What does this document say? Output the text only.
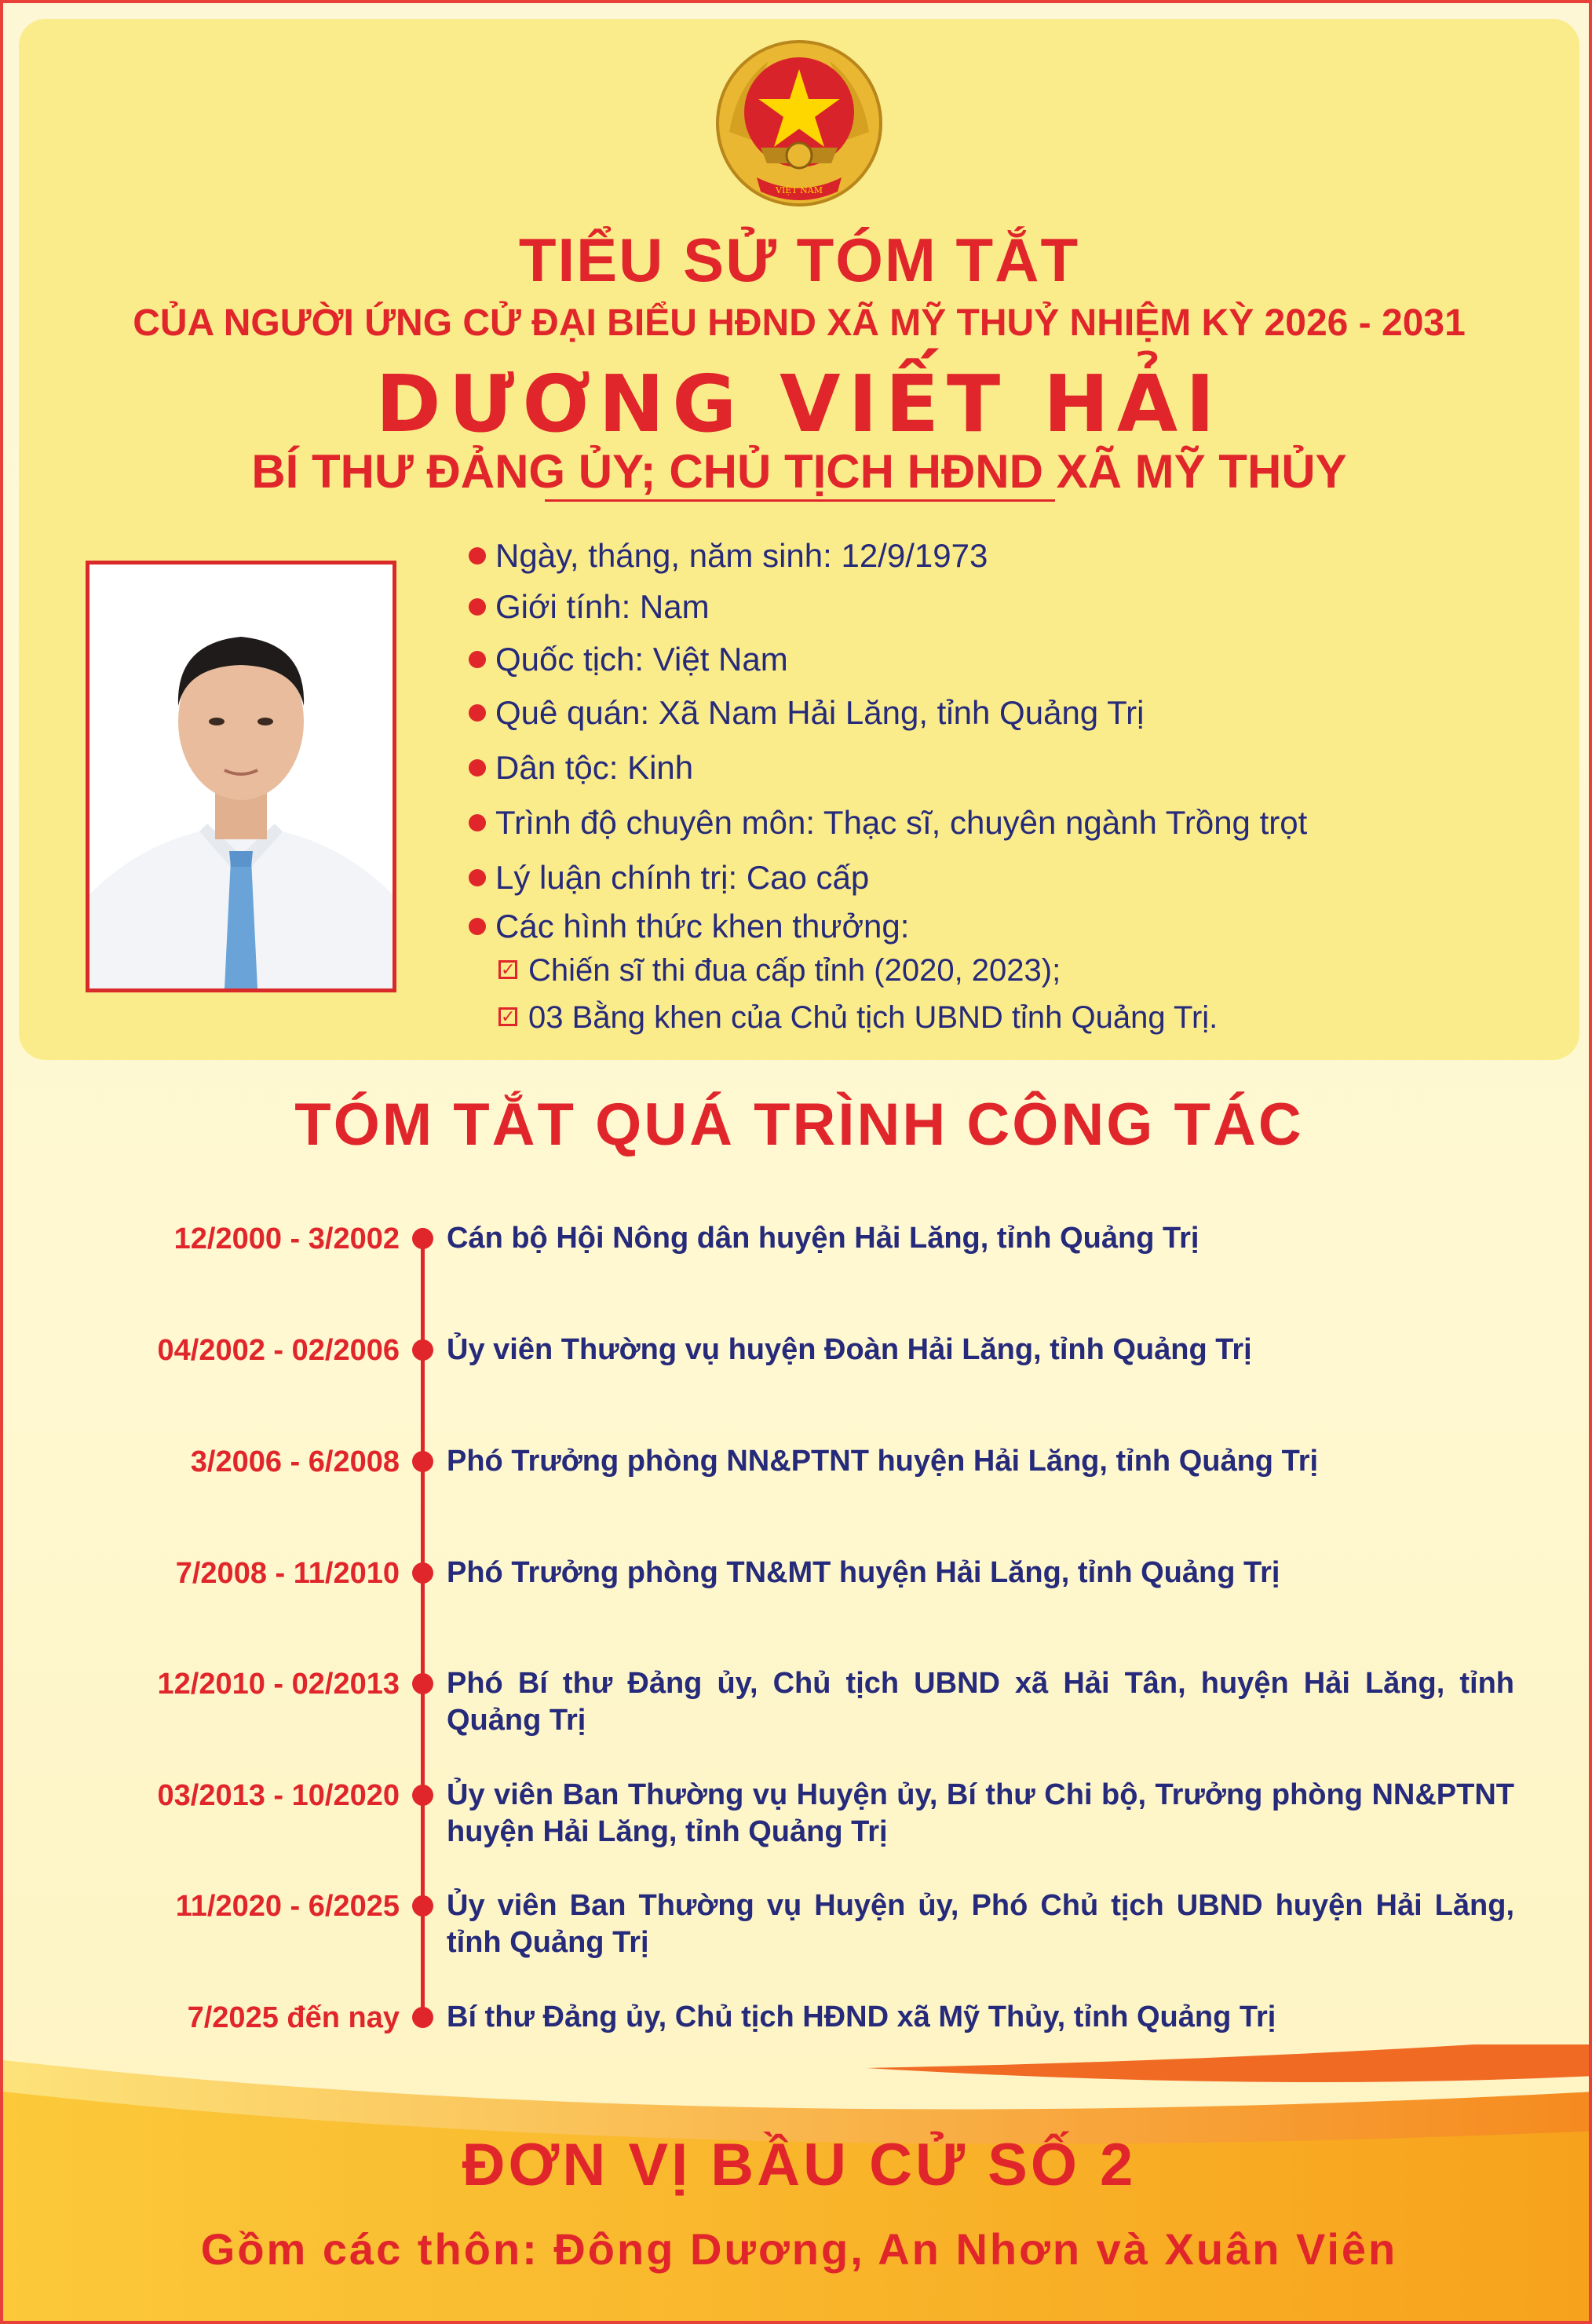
VIỆT NAM
TIỂU SỬ TÓM TẮT
CỦA NGƯỜI ỨNG CỬ ĐẠI BIỂU HĐND XÃ MỸ THUỶ NHIỆM KỲ 2026 - 2031
DƯƠNG VIẾT HẢI
BÍ THƯ ĐẢNG ỦY; CHỦ TỊCH HĐND XÃ MỸ THỦY
Ngày, tháng, năm sinh: 12/9/1973
Giới tính: Nam
Quốc tịch: Việt Nam
Quê quán: Xã Nam Hải Lăng, tỉnh Quảng Trị
Dân tộc: Kinh
Trình độ chuyên môn: Thạc sĩ, chuyên ngành Trồng trọt
Lý luận chính trị: Cao cấp
Các hình thức khen thưởng:
✓ Chiến sĩ thi đua cấp tỉnh (2020, 2023);
✓ 03 Bằng khen của Chủ tịch UBND tỉnh Quảng Trị.
TÓM TẮT QUÁ TRÌNH CÔNG TÁC
12/2000 - 3/2002 Cán bộ Hội Nông dân huyện Hải Lăng, tỉnh Quảng Trị
04/2002 - 02/2006 Ủy viên Thường vụ huyện Đoàn Hải Lăng, tỉnh Quảng Trị
3/2006 - 6/2008 Phó Trưởng phòng NN&PTNT huyện Hải Lăng, tỉnh Quảng Trị
7/2008 - 11/2010 Phó Trưởng phòng TN&MT huyện Hải Lăng, tỉnh Quảng Trị
12/2010 - 02/2013 Phó Bí thư Đảng ủy, Chủ tịch UBND xã Hải Tân, huyện Hải Lăng, tỉnh Quảng Trị
03/2013 - 10/2020 Ủy viên Ban Thường vụ Huyện ủy, Bí thư Chi bộ, Trưởng phòng NN&PTNT huyện Hải Lăng, tỉnh Quảng Trị
11/2020 - 6/2025 Ủy viên Ban Thường vụ Huyện ủy, Phó Chủ tịch UBND huyện Hải Lăng, tỉnh Quảng Trị
7/2025 đến nay Bí thư Đảng ủy, Chủ tịch HĐND xã Mỹ Thủy, tỉnh Quảng Trị
ĐƠN VỊ BẦU CỬ SỐ 2
Gồm các thôn: Đông Dương, An Nhơn và Xuân Viên
